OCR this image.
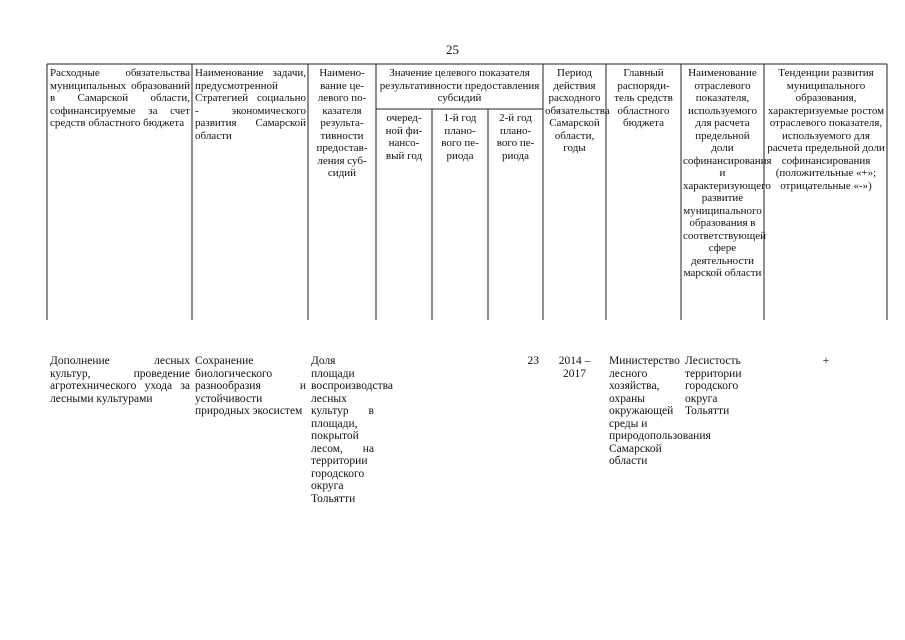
25
Расходные обязательства муниципальных образований в Самарской области, софинансируемые за счет средств областного бюджета
Наименование задачи, предусмотренной Стратегией социально - экономического развития Самарской области
Наимено-
вание це-
левого по-
казателя
результа-
тивности
предостав-
ления суб-
сидий
Значение целевого показателя результативности предоставления субсидий
очеред-
ной фи-
нансо-
вый год
1-й год
плано-
вого пе-
риода
2-й год
плано-
вого пе-
риода
Период
действия
расходного обязательства Самарской области, годы
Главный
распоряди-
тель средств
областного
бюджета
Наименование отраслевого показателя, используемого для расчета предельной доли софинансирования и характеризующего развитие муниципального образования в соответствующей сфере деятельности
марской области
Тенденции развития муниципального образования, характеризуемые ростом отраслевого показателя, используемого для расчета предельной доли софинансирования (положительные «+»; отрицательные «-»)
Дополнение лесных культур, проведение агротехнического ухода за лесными культурами
Сохранение биологического разнообразия и устойчивости природных экосистем
Доля площади воспроизводства лесных культур в площади, покрытой лесом, на территории городского округа Тольятти
23	2014 –
2017
Министерство лесного хозяйства, охраны окружающей среды и природопользования Самарской области
Лесистость
территории
городского
округа
Тольятти
+
